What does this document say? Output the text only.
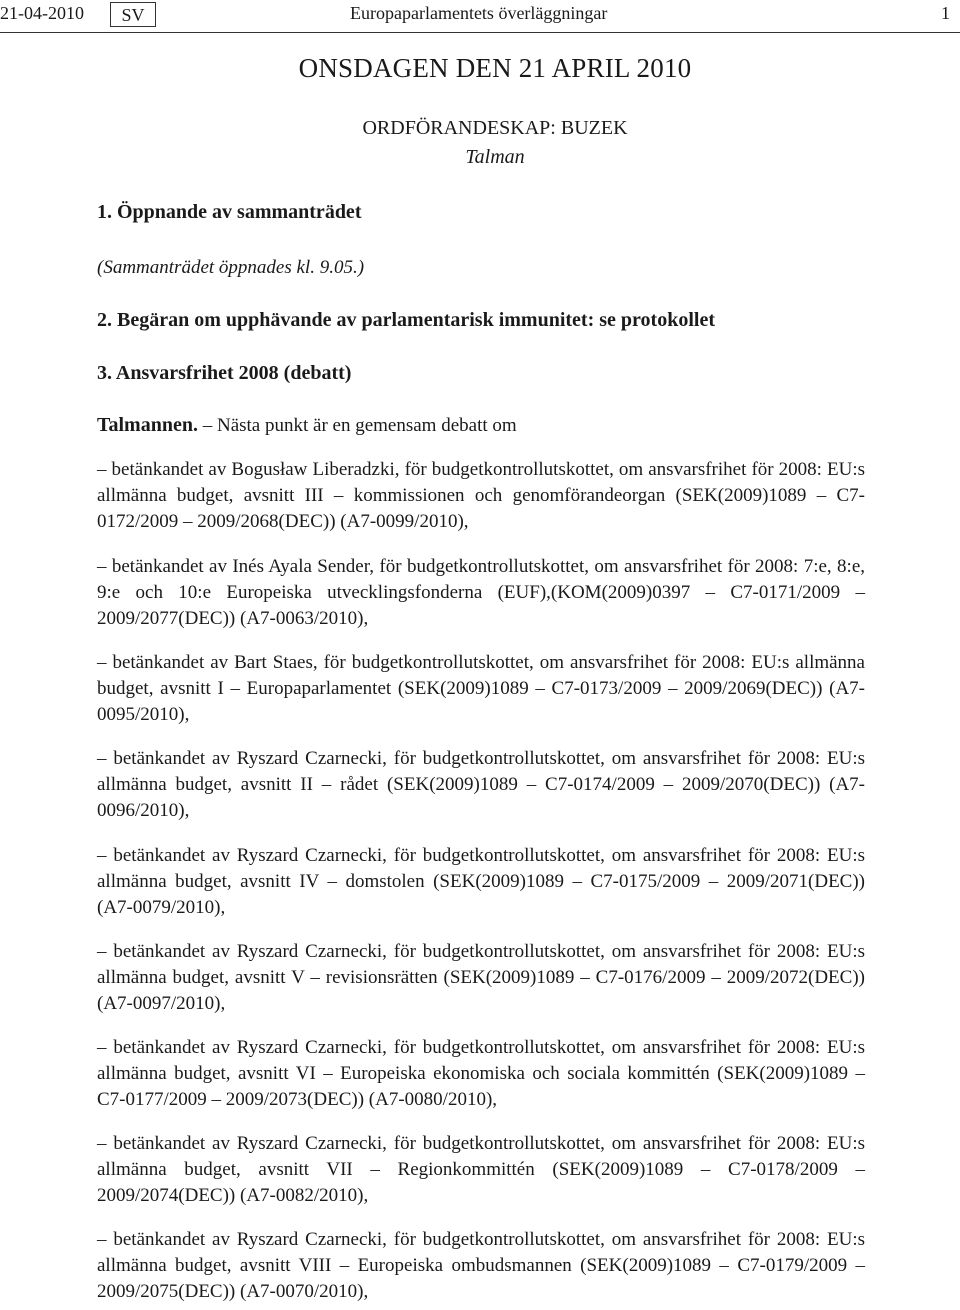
21-04-2010	SV	Europaparlamentets överläggningar	1
ONSDAGEN DEN 21 APRIL 2010
ORDFÖRANDESKAP: BUZEK
Talman
1. Öppnande av sammanträdet
(Sammanträdet öppnades kl. 9.05.)
2. Begäran om upphävande av parlamentarisk immunitet: se protokollet
3. Ansvarsfrihet 2008 (debatt)
Talmannen. – Nästa punkt är en gemensam debatt om
– betänkandet av Bogusław Liberadzki, för budgetkontrollutskottet, om ansvarsfrihet för 2008: EU:s allmänna budget, avsnitt III – kommissionen och genomförandeorgan (SEK(2009)1089 – C7-0172/2009 – 2009/2068(DEC)) (A7-0099/2010),
– betänkandet av Inés Ayala Sender, för budgetkontrollutskottet, om ansvarsfrihet för 2008: 7:e, 8:e, 9:e och 10:e Europeiska utvecklingsfonderna (EUF),(KOM(2009)0397 – C7-0171/2009 – 2009/2077(DEC)) (A7-0063/2010),
– betänkandet av Bart Staes, för budgetkontrollutskottet, om ansvarsfrihet för 2008: EU:s allmänna budget, avsnitt I – Europaparlamentet (SEK(2009)1089 – C7-0173/2009 – 2009/2069(DEC)) (A7-0095/2010),
– betänkandet av Ryszard Czarnecki, för budgetkontrollutskottet, om ansvarsfrihet för 2008: EU:s allmänna budget, avsnitt II – rådet (SEK(2009)1089 – C7-0174/2009 – 2009/2070(DEC)) (A7-0096/2010),
– betänkandet av Ryszard Czarnecki, för budgetkontrollutskottet, om ansvarsfrihet för 2008: EU:s allmänna budget, avsnitt IV – domstolen (SEK(2009)1089 – C7-0175/2009 – 2009/2071(DEC)) (A7-0079/2010),
– betänkandet av Ryszard Czarnecki, för budgetkontrollutskottet, om ansvarsfrihet för 2008: EU:s allmänna budget, avsnitt V – revisionsrätten (SEK(2009)1089 – C7-0176/2009 – 2009/2072(DEC)) (A7-0097/2010),
– betänkandet av Ryszard Czarnecki, för budgetkontrollutskottet, om ansvarsfrihet för 2008: EU:s allmänna budget, avsnitt VI – Europeiska ekonomiska och sociala kommittén (SEK(2009)1089 – C7-0177/2009 – 2009/2073(DEC)) (A7-0080/2010),
– betänkandet av Ryszard Czarnecki, för budgetkontrollutskottet, om ansvarsfrihet för 2008: EU:s allmänna budget, avsnitt VII – Regionkommittén (SEK(2009)1089 – C7-0178/2009 – 2009/2074(DEC)) (A7-0082/2010),
– betänkandet av Ryszard Czarnecki, för budgetkontrollutskottet, om ansvarsfrihet för 2008: EU:s allmänna budget, avsnitt VIII – Europeiska ombudsmannen (SEK(2009)1089 – C7-0179/2009 – 2009/2075(DEC)) (A7-0070/2010),
